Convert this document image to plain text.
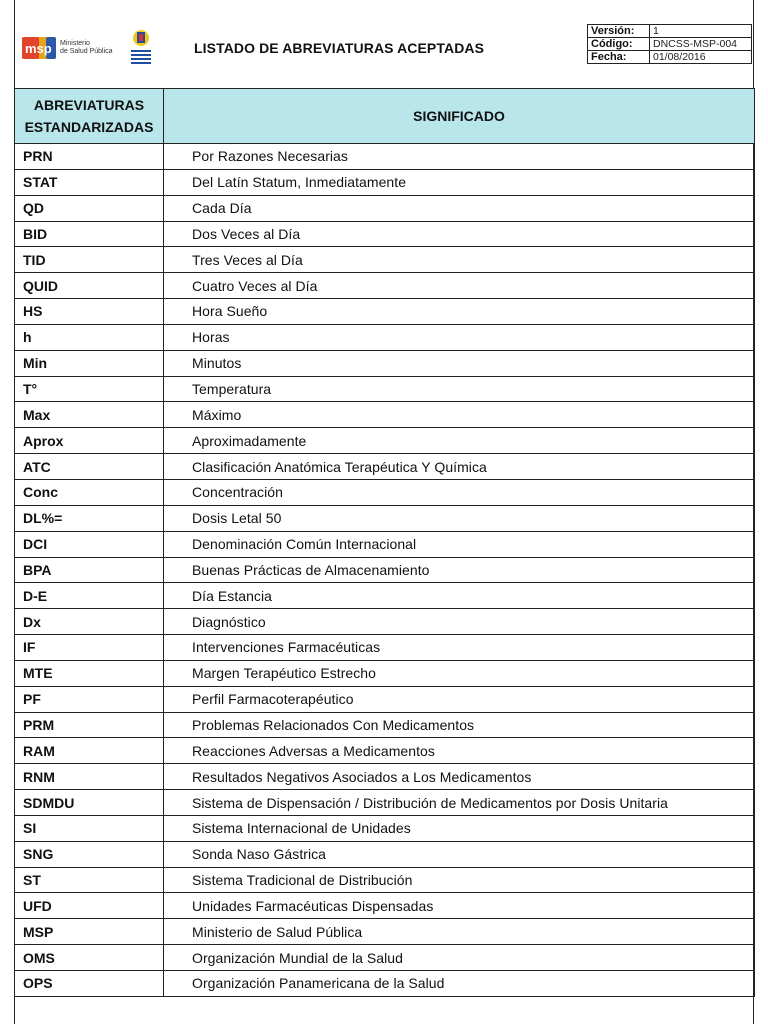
msp Ministerio
de Salud Pública	LISTADO DE ABREVIATURAS ACEPTADAS
Versión:	1
Código:	DNCSS-MSP-004
Fecha:	01/08/2016
ABREVIATURAS
ESTANDARIZADAS	SIGNIFICADO
PRN	Por Razones Necesarias
STAT	Del Latín Statum, Inmediatamente
QD	Cada Día
BID	Dos Veces al Día
TID	Tres Veces al Día
QUID	Cuatro Veces al Día
HS	Hora Sueño
h	Horas
Min	Minutos
T°	Temperatura
Max	Máximo
Aprox	Aproximadamente
ATC	Clasificación Anatómica Terapéutica Y Química
Conc	Concentración
DL%=	Dosis Letal 50
DCI	Denominación Común Internacional
BPA	Buenas Prácticas de Almacenamiento
D-E	Día Estancia
Dx	Diagnóstico
IF	Intervenciones Farmacéuticas
MTE	Margen Terapéutico Estrecho
PF	Perfil Farmacoterapéutico
PRM	Problemas Relacionados Con Medicamentos
RAM	Reacciones Adversas a Medicamentos
RNM	Resultados Negativos Asociados a Los Medicamentos
SDMDU	Sistema de Dispensación / Distribución de Medicamentos por Dosis Unitaria
SI	Sistema Internacional de Unidades
SNG	Sonda Naso Gástrica
ST	Sistema Tradicional de Distribución
UFD	Unidades Farmacéuticas Dispensadas
MSP	Ministerio de Salud Pública
OMS	Organización Mundial de la Salud
OPS	Organización Panamericana de la Salud
